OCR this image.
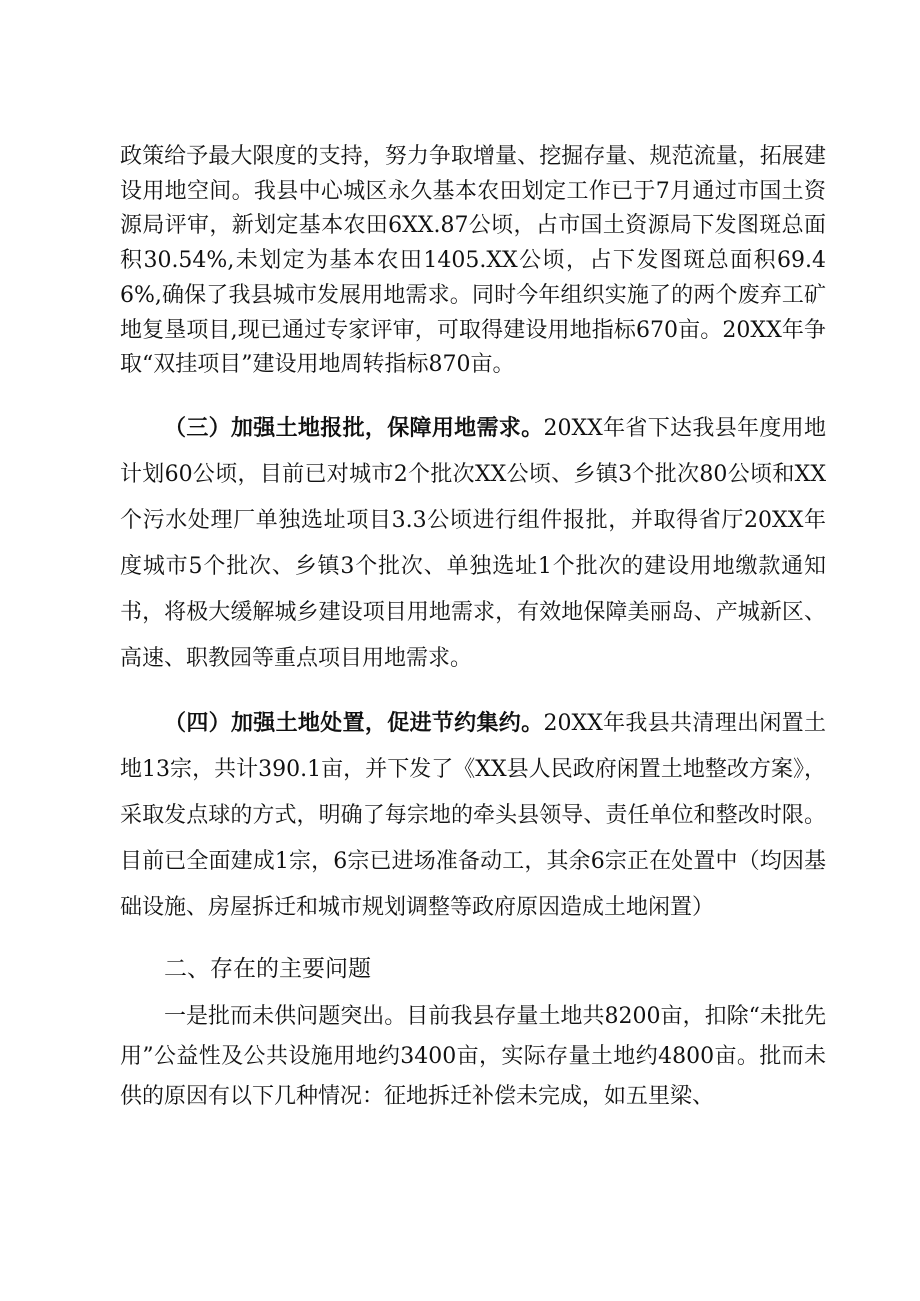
政策给予最大限度的支持，努力争取增量、挖掘存量、规范流量，拓展建设用地空间。我县中心城区永久基本农田划定工作已于7月通过市国土资源局评审，新划定基本农田6XX.87公顷，占市国土资源局下发图斑总面积30.54%,未划定为基本农田1405.XX公顷，占下发图斑总面积69.46%,确保了我县城市发展用地需求。同时今年组织实施了的两个废弃工矿地复垦项目,现已通过专家评审，可取得建设用地指标670亩。20XX年争取“双挂项目”建设用地周转指标870亩。

（三）加强土地报批，保障用地需求。20XX年省下达我县年度用地计划60公顷，目前已对城市2个批次XX公顷、乡镇3个批次80公顷和XX个污水处理厂单独选址项目3.3公顷进行组件报批，并取得省厅20XX年度城市5个批次、乡镇3个批次、单独选址1个批次的建设用地缴款通知书，将极大缓解城乡建设项目用地需求，有效地保障美丽岛、产城新区、高速、职教园等重点项目用地需求。

（四）加强土地处置，促进节约集约。20XX年我县共清理出闲置土地13宗，共计390.1亩，并下发了《XX县人民政府闲置土地整改方案》，采取发点球的方式，明确了每宗地的牵头县领导、责任单位和整改时限。目前已全面建成1宗，6宗已进场准备动工，其余6宗正在处置中（均因基础设施、房屋拆迁和城市规划调整等政府原因造成土地闲置）

二、存在的主要问题

一是批而未供问题突出。目前我县存量土地共8200亩，扣除“未批先用”公益性及公共设施用地约3400亩，实际存量土地约4800亩。批而未供的原因有以下几种情况：征地拆迁补偿未完成，如五里梁、
